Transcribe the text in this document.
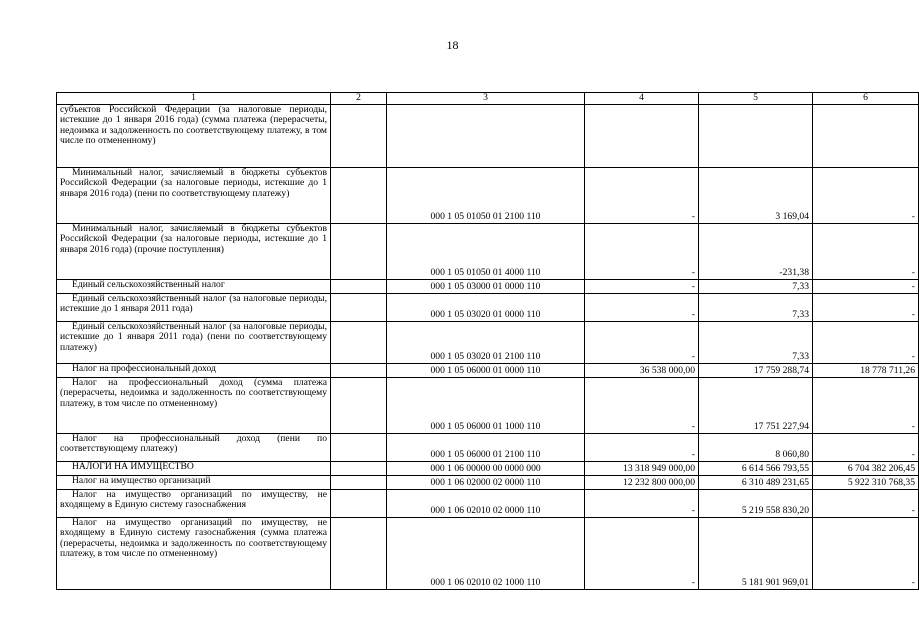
18
1	2	3	4	5	6
субъектов Российской Федерации (за налоговые периоды, истекшие до 1 января 2016 года) (сумма платежа (перерасчеты, недоимка и задолженность по соответствующему платежу, в том числе по отмененному)					
Минимальный налог, зачисляемый в бюджеты субъектов Российской Федерации (за налоговые периоды, истекшие до 1 января 2016 года) (пени по соответствующему платежу)		000 1 05 01050 01 2100 110	-	3 169,04	-
Минимальный налог, зачисляемый в бюджеты субъектов Российской Федерации (за налоговые периоды, истекшие до 1 января 2016 года) (прочие поступления)		000 1 05 01050 01 4000 110	-	-231,38	-
Единый сельскохозяйственный налог		000 1 05 03000 01 0000 110	-	7,33	-
Единый сельскохозяйственный налог (за налоговые периоды, истекшие до 1 января 2011 года)		000 1 05 03020 01 0000 110	-	7,33	-
Единый сельскохозяйственный налог (за налоговые периоды, истекшие до 1 января 2011 года) (пени по соответствующему платежу)		000 1 05 03020 01 2100 110	-	7,33	-
Налог на профессиональный доход		000 1 05 06000 01 0000 110	36 538 000,00	17 759 288,74	18 778 711,26
Налог на профессиональный доход (сумма платежа (перерасчеты, недоимка и задолженность по соответствующему платежу, в том числе по отмененному)		000 1 05 06000 01 1000 110	-	17 751 227,94	-
Налог на профессиональный доход (пени по соответствующему платежу)		000 1 05 06000 01 2100 110	-	8 060,80	-
НАЛОГИ НА ИМУЩЕСТВО		000 1 06 00000 00 0000 000	13 318 949 000,00	6 614 566 793,55	6 704 382 206,45
Налог на имущество организаций		000 1 06 02000 02 0000 110	12 232 800 000,00	6 310 489 231,65	5 922 310 768,35
Налог на имущество организаций по имуществу, не входящему в Единую систему газоснабжения		000 1 06 02010 02 0000 110	-	5 219 558 830,20	-
Налог на имущество организаций по имуществу, не входящему в Единую систему газоснабжения (сумма платежа (перерасчеты, недоимка и задолженность по соответствующему платежу, в том числе по отмененному)		000 1 06 02010 02 1000 110	-	5 181 901 969,01	-
